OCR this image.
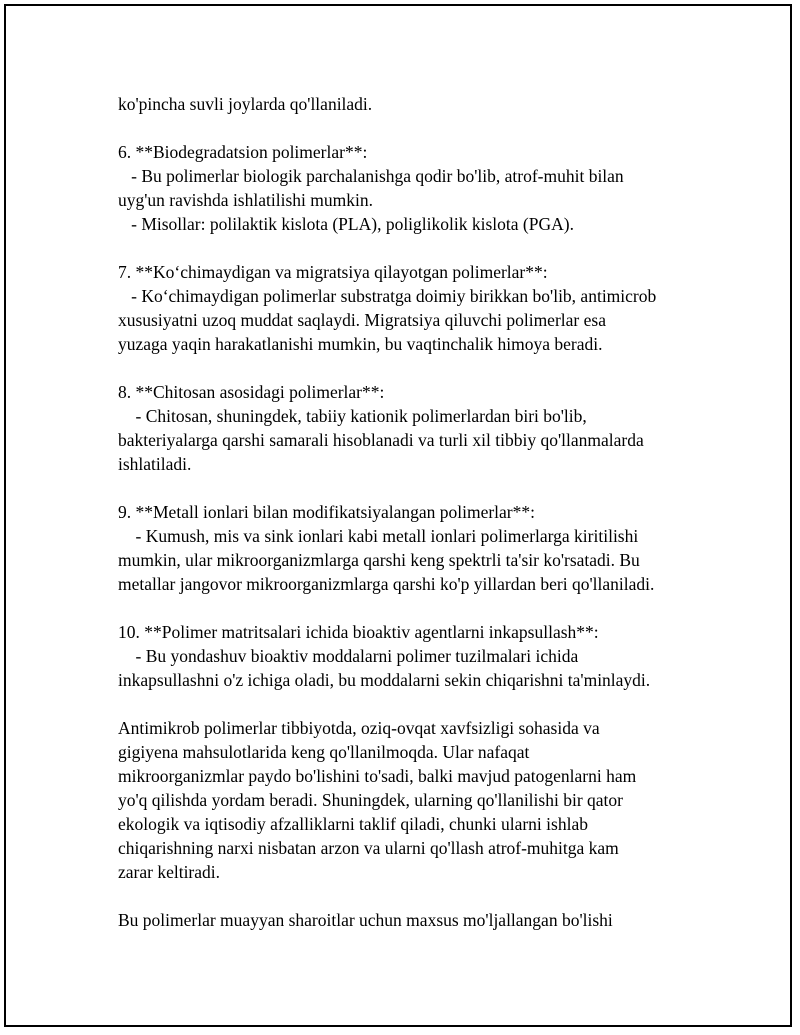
ko'pincha suvli joylarda qo'llaniladi.
6. **Biodegradatsion polimerlar**:
- Bu polimerlar biologik parchalanishga qodir bo'lib, atrof-muhit bilan
uyg'un ravishda ishlatilishi mumkin.
- Misollar: polilaktik kislota (PLA), poliglikolik kislota (PGA).
7. **Ko‘chimaydigan va migratsiya qilayotgan polimerlar**:
- Ko‘chimaydigan polimerlar substratga doimiy birikkan bo'lib, antimicrob
xususiyatni uzoq muddat saqlaydi. Migratsiya qiluvchi polimerlar esa
yuzaga yaqin harakatlanishi mumkin, bu vaqtinchalik himoya beradi.
8. **Chitosan asosidagi polimerlar**:
- Chitosan, shuningdek, tabiiy kationik polimerlardan biri bo'lib,
bakteriyalarga qarshi samarali hisoblanadi va turli xil tibbiy qo'llanmalarda
ishlatiladi.
9. **Metall ionlari bilan modifikatsiyalangan polimerlar**:
- Kumush, mis va sink ionlari kabi metall ionlari polimerlarga kiritilishi
mumkin, ular mikroorganizmlarga qarshi keng spektrli ta'sir ko'rsatadi. Bu
metallar jangovor mikroorganizmlarga qarshi ko'p yillardan beri qo'llaniladi.
10. **Polimer matritsalari ichida bioaktiv agentlarni inkapsullash**:
- Bu yondashuv bioaktiv moddalarni polimer tuzilmalari ichida
inkapsullashni o'z ichiga oladi, bu moddalarni sekin chiqarishni ta'minlaydi.
Antimikrob polimerlar tibbiyotda, oziq-ovqat xavfsizligi sohasida va
gigiyena mahsulotlarida keng qo'llanilmoqda. Ular nafaqat
mikroorganizmlar paydo bo'lishini to'sadi, balki mavjud patogenlarni ham
yo'q qilishda yordam beradi. Shuningdek, ularning qo'llanilishi bir qator
ekologik va iqtisodiy afzalliklarni taklif qiladi, chunki ularni ishlab
chiqarishning narxi nisbatan arzon va ularni qo'llash atrof-muhitga kam
zarar keltiradi.
Bu polimerlar muayyan sharoitlar uchun maxsus mo'ljallangan bo'lishi
